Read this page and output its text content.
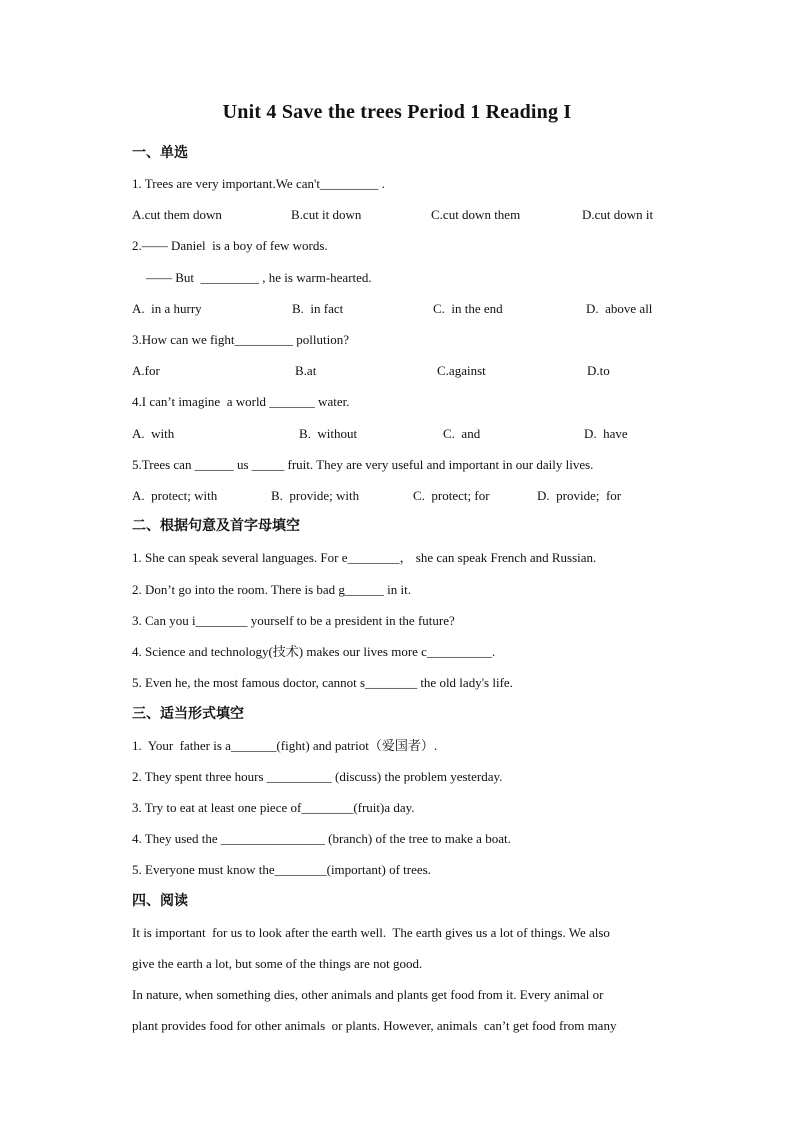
Unit 4 Save the trees Period 1 Reading I
一、单选
1. Trees are very important.We can't_________ .
A.cut them down	B.cut it down	C.cut down them	D.cut down it
2.—— Daniel  is a boy of few words.
—— But  _________ , he is warm-hearted.
A.  in a hurry	B.  in fact	C.  in the end	D.  above all
3.How can we fight_________ pollution?
A.for	B.at	C.against	D.to
4.I can’t imagine  a world _______ water.
A.  with	B.  without	C.  and	D.  have
5.Trees can ______ us _____ fruit. They are very useful and important in our daily lives.
A.  protect; with	B.  provide; with	C.  protect; for	D.  provide;  for
二、根据句意及首字母填空
1. She can speak several languages. For e________， she can speak French and Russian.
2. Don’t go into the room. There is bad g______ in it.
3. Can you i________ yourself to be a president in the future?
4. Science and technology(技术) makes our lives more c__________.
5. Even he, the most famous doctor, cannot s________ the old lady's life.
三、适当形式填空
1.  Your  father is a_______(fight) and patriot（爱国者）.
2. They spent three hours __________ (discuss) the problem yesterday.
3. Try to eat at least one piece of________(fruit)a day.
4. They used the ________________ (branch) of the tree to make a boat.
5. Everyone must know the________(important) of trees.
四、阅读
It is important  for us to look after the earth well.  The earth gives us a lot of things. We also
give the earth a lot, but some of the things are not good.
In nature, when something dies, other animals and plants get food from it. Every animal or
plant provides food for other animals  or plants. However, animals  can’t get food from many
